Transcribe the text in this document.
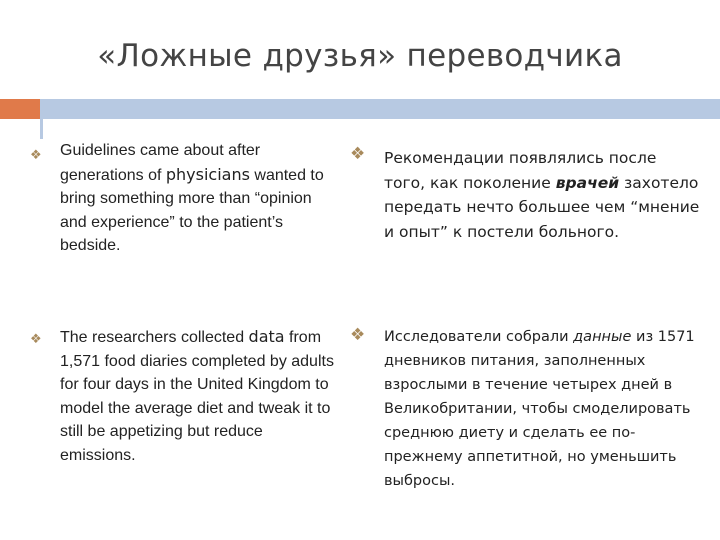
«Ложные друзья» переводчика
❖ Guidelines came about after generations of physicians wanted to bring something more than “opinion and experience” to the patient’s bedside.

❖ Рекомендации появлялись после того, как поколение врачей захотело передать нечто большее чем “мнение и опыт” к постели больного.

❖ The researchers collected data from 1,571 food diaries completed by adults for four days in the United Kingdom to model the average diet and tweak it to still be appetizing but reduce emissions.

❖ Исследователи собрали данные из 1571 дневников питания, заполненных взрослыми в течение четырех дней в Великобритании, чтобы смоделировать среднюю диету и сделать ее по-прежнему аппетитной, но уменьшить выбросы.
